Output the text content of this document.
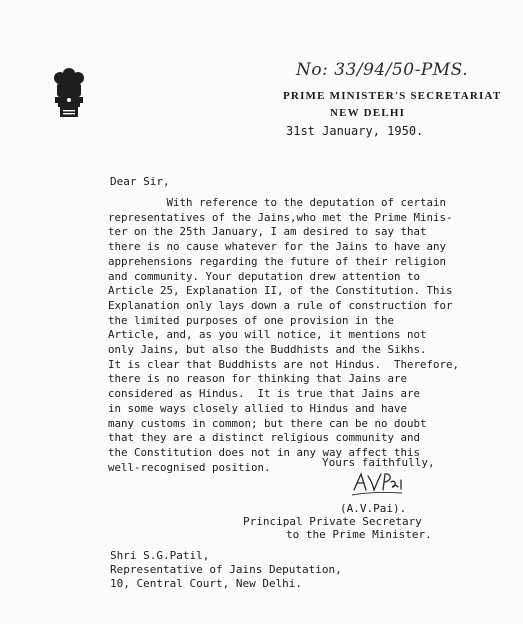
No: 33/94/50-PMS.
PRIME MINISTER'S SECRETARIAT
NEW DELHI
31st January, 1950.
Dear Sir,
With reference to the deputation of certain
representatives of the Jains,who met the Prime Minis-
ter on the 25th January, I am desired to say that
there is no cause whatever for the Jains to have any
apprehensions regarding the future of their religion
and community. Your deputation drew attention to
Article 25, Explanation II, of the Constitution. This
Explanation only lays down a rule of construction for
the limited purposes of one provision in the
Article, and, as you will notice, it mentions not
only Jains, but also the Buddhists and the Sikhs.
It is clear that Buddhists are not Hindus.  Therefore,
there is no reason for thinking that Jains are
considered as Hindus.  It is true that Jains are
in some ways closely allied to Hindus and have
many customs in common; but there can be no doubt
that they are a distinct religious community and
the Constitution does not in any way affect this
well-recognised position.	Yours faithfully,
(A.V.Pai).
Principal Private Secretary
to the Prime Minister.
Shri S.G.Patil,
Representative of Jains Deputation,
10, Central Court, New Delhi.
